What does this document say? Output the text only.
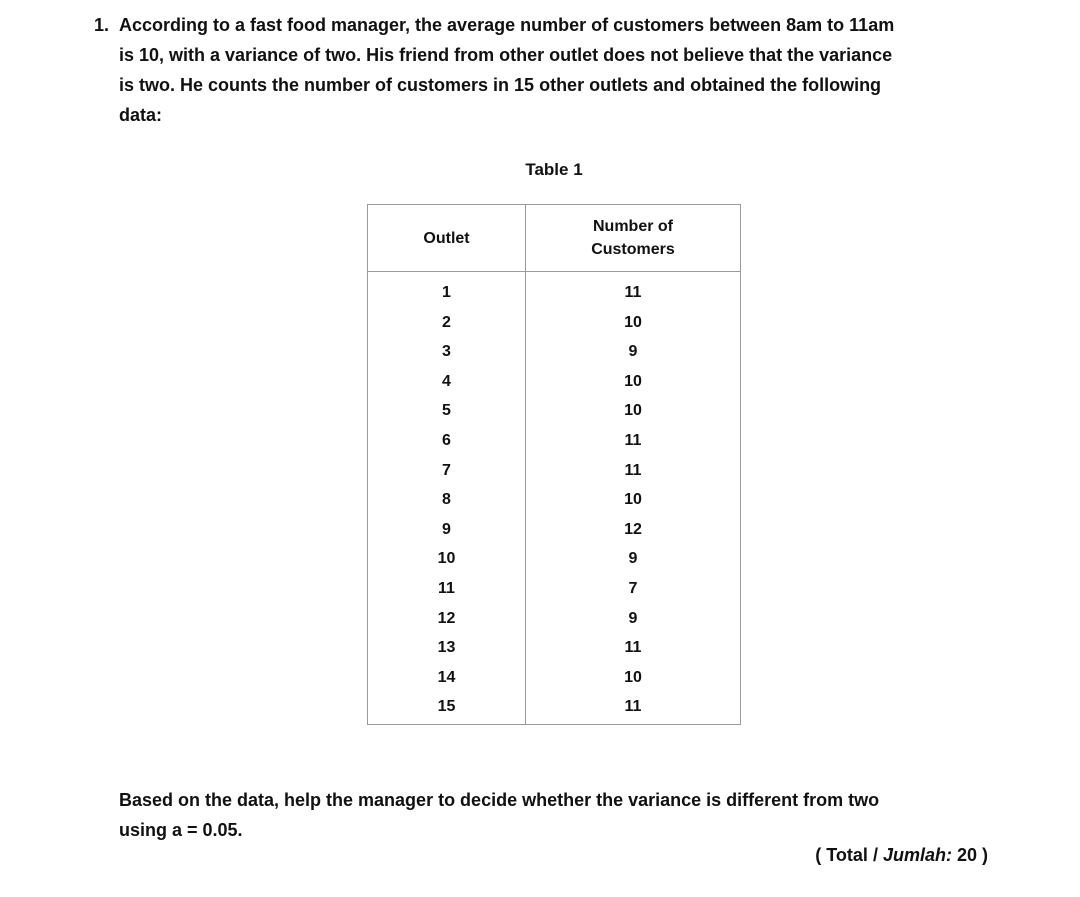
1. According to a fast food manager, the average number of customers between 8am to 11am
is 10, with a variance of two. His friend from other outlet does not believe that the variance
is two. He counts the number of customers in 15 other outlets and obtained the following
data:
Table 1
Outlet	Number of
Customers
1	11
2	10
3	9
4	10
5	10
6	11
7	11
8	10
9	12
10	9
11	7
12	9
13	11
14	10
15	11
Based on the data, help the manager to decide whether the variance is different from two
using a = 0.05.
( Total / Jumlah: 20 )
